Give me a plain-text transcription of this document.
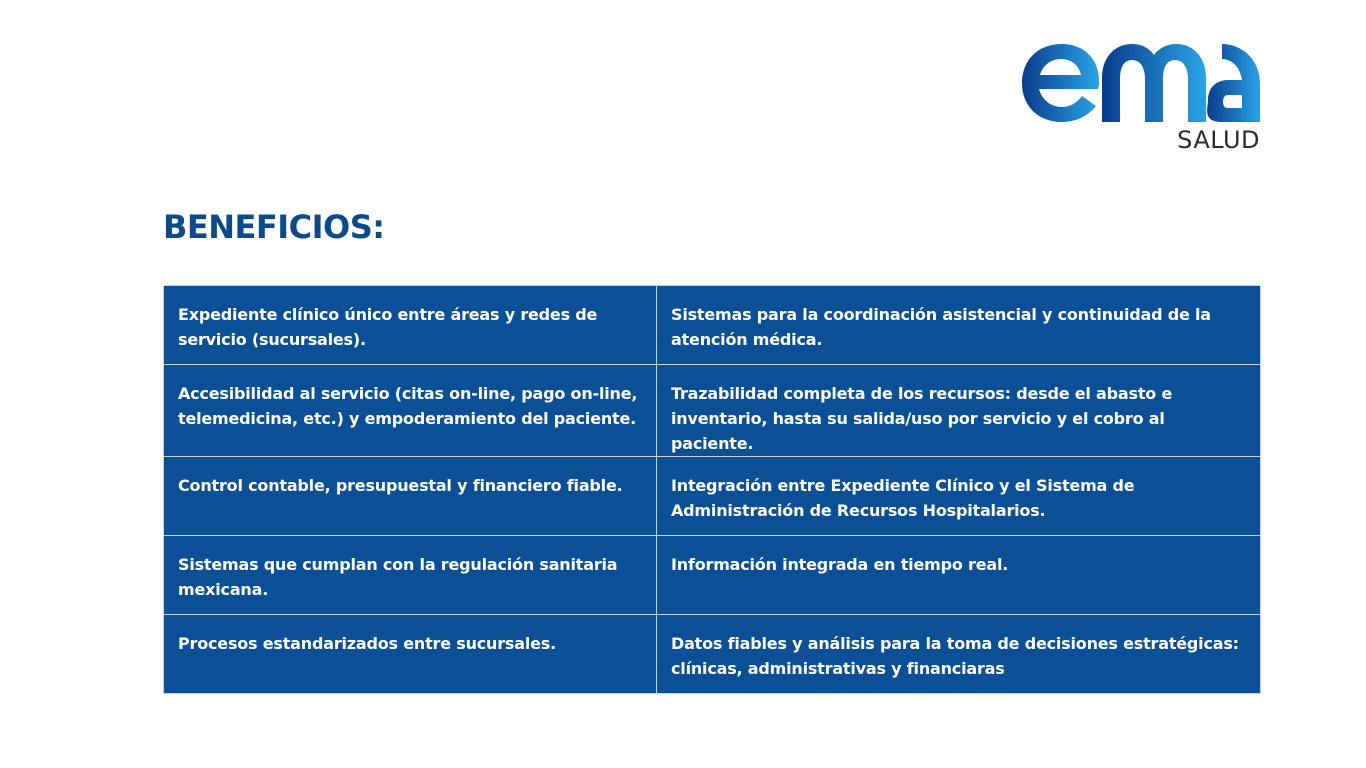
SALUD
BENEFICIOS:
Expediente clínico único entre áreas y redes de servicio (sucursales).	Sistemas para la coordinación asistencial y continuidad de la atención médica.
Accesibilidad al servicio (citas on-line, pago on-line, telemedicina, etc.) y empoderamiento del paciente.	Trazabilidad completa de los recursos: desde el abasto e inventario, hasta su salida/uso por servicio y el cobro al paciente.
Control contable, presupuestal y financiero fiable.	Integración entre Expediente Clínico y el Sistema de Administración de Recursos Hospitalarios.
Sistemas que cumplan con la regulación sanitaria mexicana.	Información integrada en tiempo real.
Procesos estandarizados entre sucursales.	Datos fiables y análisis para la toma de decisiones estratégicas: clínicas, administrativas y financiaras
